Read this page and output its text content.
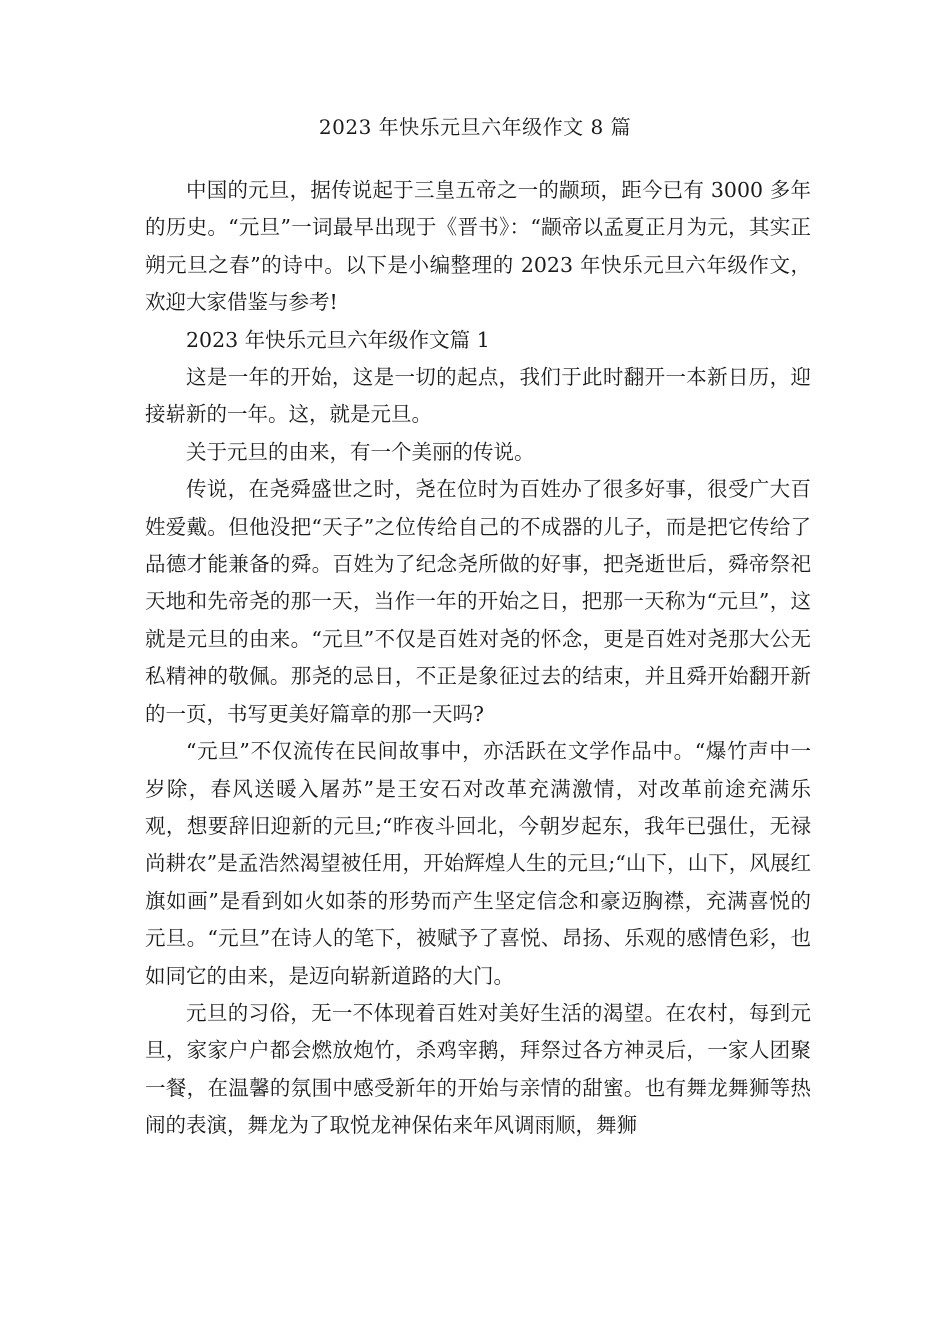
2023 年快乐元旦六年级作文 8 篇

中国的元旦，据传说起于三皇五帝之一的颛顼，距今已有 3000 多年的历史。“元旦”一词最早出现于《晋书》：“颛帝以孟夏正月为元，其实正朔元旦之春”的诗中。以下是小编整理的 2023 年快乐元旦六年级作文，欢迎大家借鉴与参考!

2023 年快乐元旦六年级作文篇 1

这是一年的开始，这是一切的起点，我们于此时翻开一本新日历，迎接崭新的一年。这，就是元旦。

关于元旦的由来，有一个美丽的传说。

传说，在尧舜盛世之时，尧在位时为百姓办了很多好事，很受广大百姓爱戴。但他没把“天子”之位传给自己的不成器的儿子，而是把它传给了品德才能兼备的舜。百姓为了纪念尧所做的好事，把尧逝世后，舜帝祭祀天地和先帝尧的那一天，当作一年的开始之日，把那一天称为“元旦”，这就是元旦的由来。“元旦”不仅是百姓对尧的怀念，更是百姓对尧那大公无私精神的敬佩。那尧的忌日，不正是象征过去的结束，并且舜开始翻开新的一页，书写更美好篇章的那一天吗?

“元旦”不仅流传在民间故事中，亦活跃在文学作品中。“爆竹声中一岁除，春风送暖入屠苏”是王安石对改革充满激情，对改革前途充满乐观，想要辞旧迎新的元旦;“昨夜斗回北，今朝岁起东，我年已强仕，无禄尚耕农”是孟浩然渴望被任用，开始辉煌人生的元旦;“山下，山下，风展红旗如画”是看到如火如荼的形势而产生坚定信念和豪迈胸襟，充满喜悦的元旦。“元旦”在诗人的笔下，被赋予了喜悦、昂扬、乐观的感情色彩，也如同它的由来，是迈向崭新道路的大门。

元旦的习俗，无一不体现着百姓对美好生活的渴望。在农村，每到元旦，家家户户都会燃放炮竹，杀鸡宰鹅，拜祭过各方神灵后，一家人团聚一餐，在温馨的氛围中感受新年的开始与亲情的甜蜜。也有舞龙舞狮等热闹的表演，舞龙为了取悦龙神保佑来年风调雨顺，舞狮
